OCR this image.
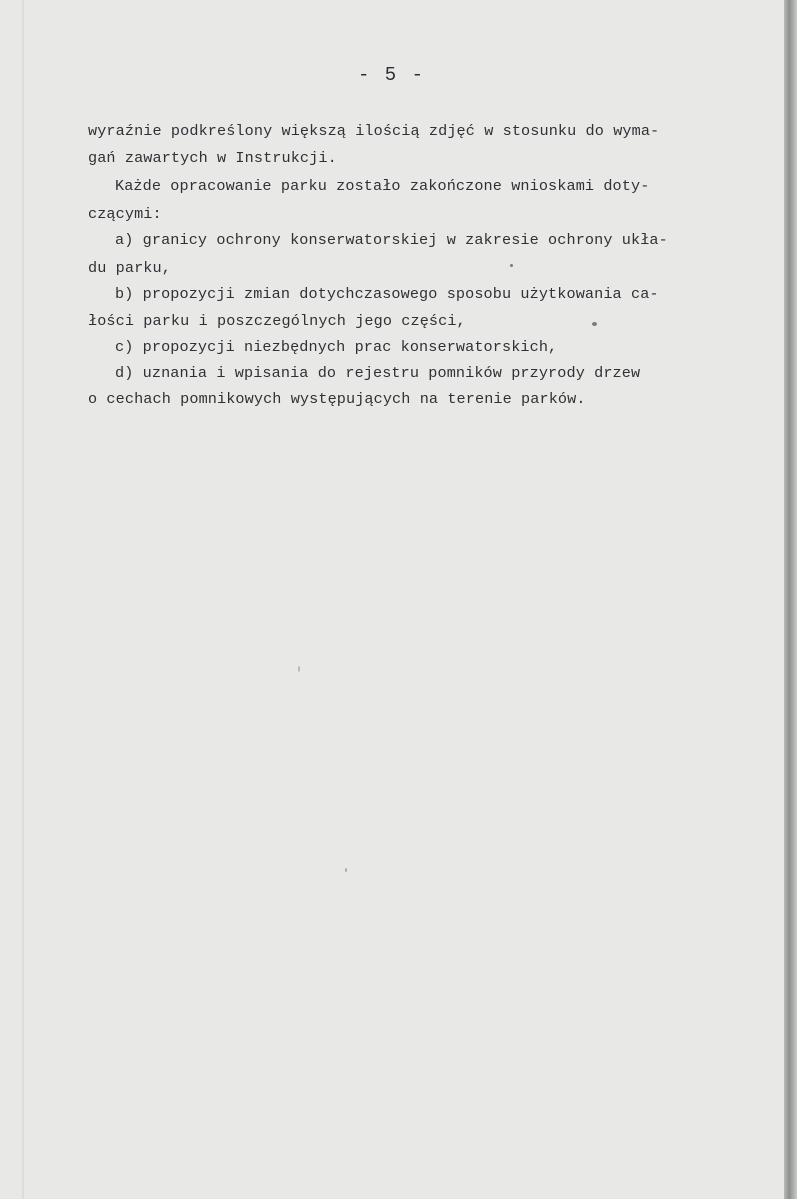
- 5 -
wyraźnie podkreślony większą ilością zdjęć w stosunku do wyma-
gań zawartych w Instrukcji.
Każde opracowanie parku zostało zakończone wnioskami doty-
czącymi:
a) granicy ochrony konserwatorskiej w zakresie ochrony ukła-
du parku,
b) propozycji zmian dotychczasowego sposobu użytkowania ca-
łości parku i poszczególnych jego części,
c) propozycji niezbędnych prac konserwatorskich,
d) uznania i wpisania do rejestru pomników przyrody drzew
o cechach pomnikowych występujących na terenie parków.
